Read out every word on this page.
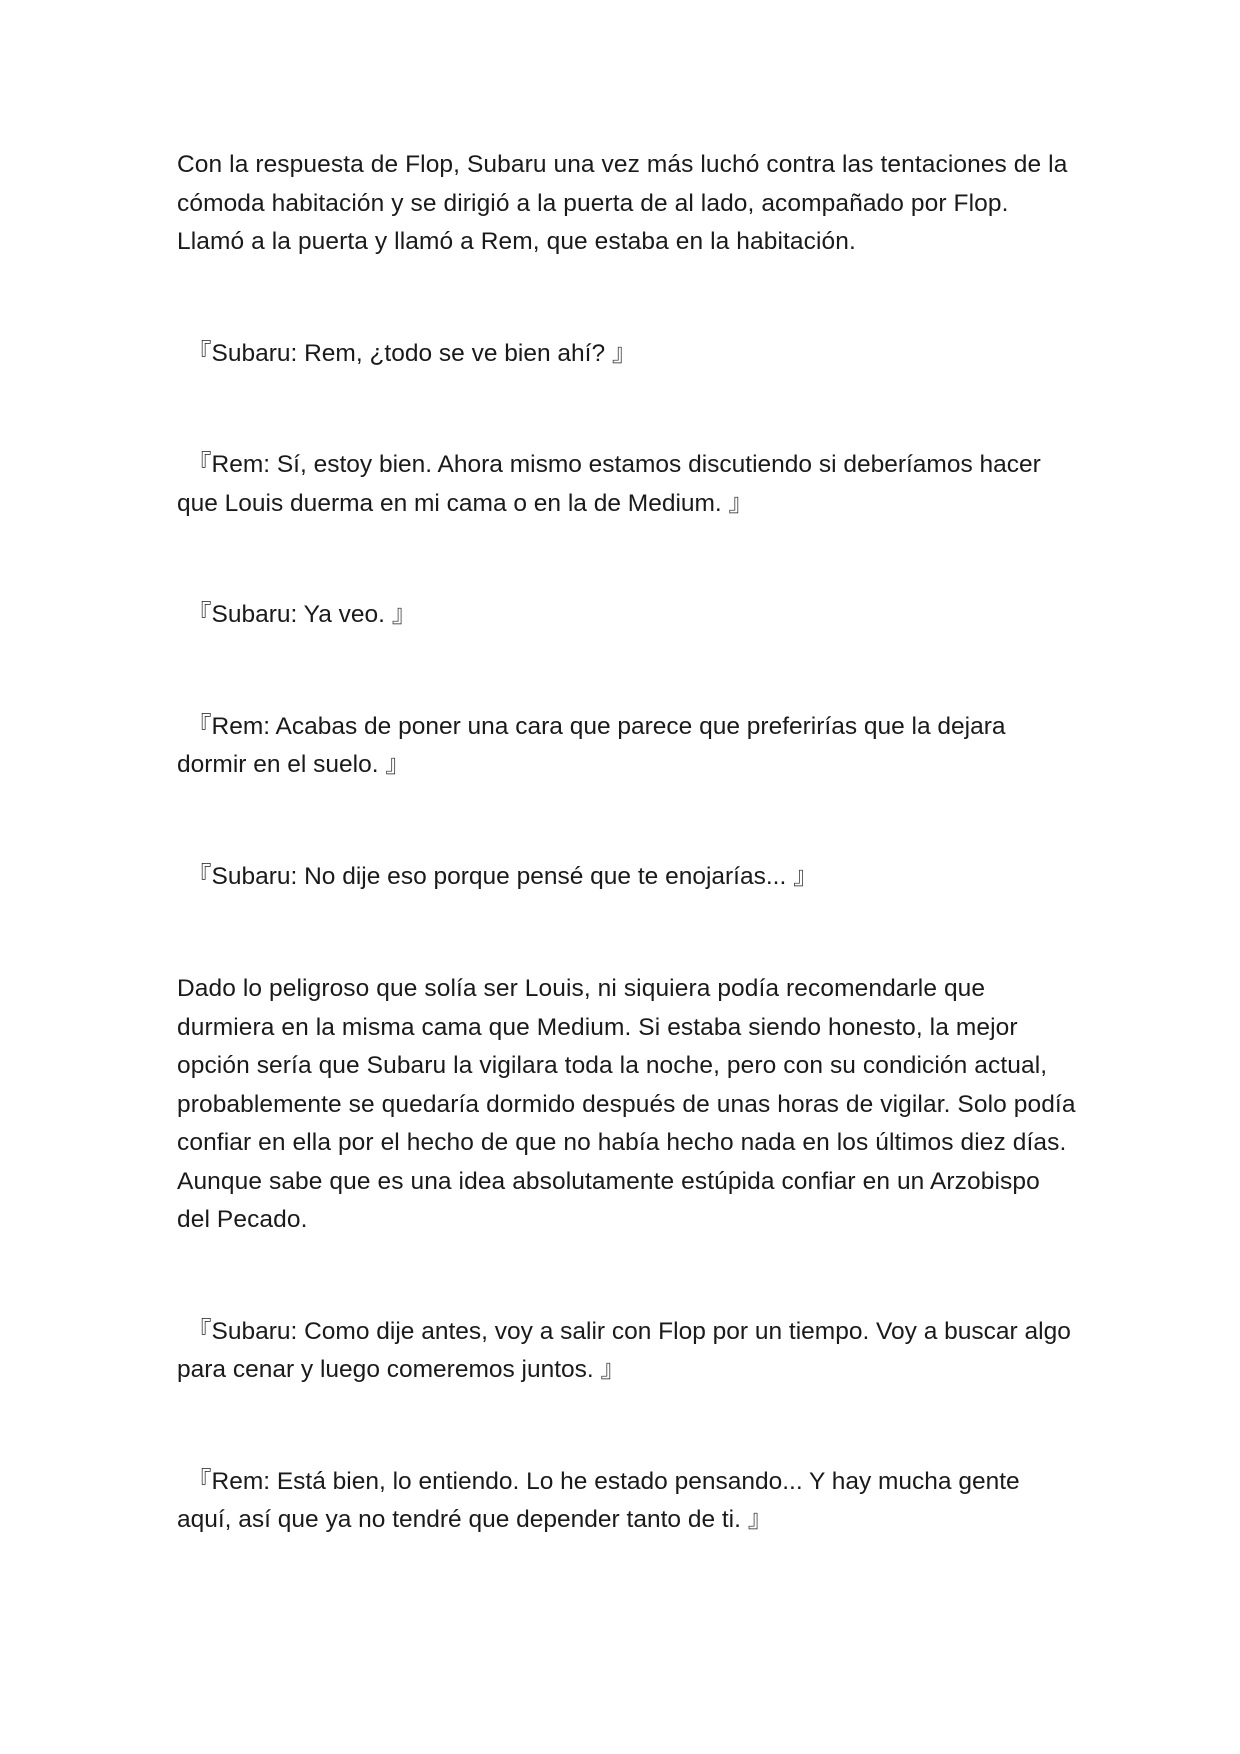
Con la respuesta de Flop, Subaru una vez más luchó contra las tentaciones de la cómoda habitación y se dirigió a la puerta de al lado, acompañado por Flop. Llamó a la puerta y llamó a Rem, que estaba en la habitación.

『Subaru: Rem, ¿todo se ve bien ahí? 』

『Rem: Sí, estoy bien. Ahora mismo estamos discutiendo si deberíamos hacer que Louis duerma en mi cama o en la de Medium. 』

『Subaru: Ya veo. 』

『Rem: Acabas de poner una cara que parece que preferirías que la dejara dormir en el suelo. 』

『Subaru: No dije eso porque pensé que te enojarías... 』

Dado lo peligroso que solía ser Louis, ni siquiera podía recomendarle que durmiera en la misma cama que Medium. Si estaba siendo honesto, la mejor opción sería que Subaru la vigilara toda la noche, pero con su condición actual, probablemente se quedaría dormido después de unas horas de vigilar. Solo podía confiar en ella por el hecho de que no había hecho nada en los últimos diez días. Aunque sabe que es una idea absolutamente estúpida confiar en un Arzobispo del Pecado.

『Subaru: Como dije antes, voy a salir con Flop por un tiempo. Voy a buscar algo para cenar y luego comeremos juntos. 』

『Rem: Está bien, lo entiendo. Lo he estado pensando... Y hay mucha gente aquí, así que ya no tendré que depender tanto de ti. 』
